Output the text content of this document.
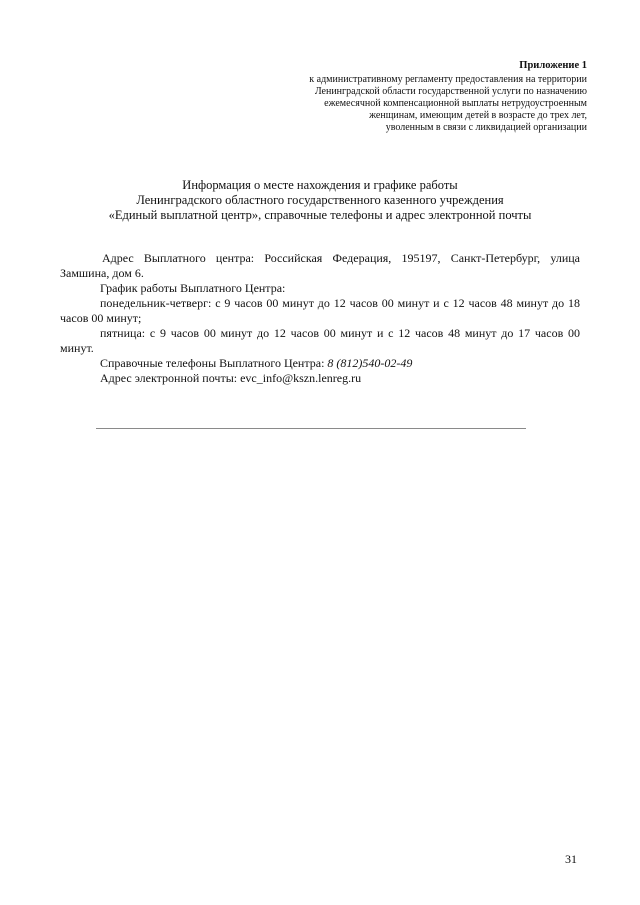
Приложение 1
к административному регламенту предоставления на территории
Ленинградской области государственной услуги по назначению
ежемесячной компенсационной выплаты нетрудоустроенным
женщинам, имеющим детей в возрасте до трех лет,
уволенным в связи с ликвидацией организации
Информация о месте нахождения и графике работы
Ленинградского областного государственного казенного учреждения
«Единый выплатной центр», справочные телефоны и адрес электронной почты

Адрес Выплатного центра: Российская Федерация, 195197, Санкт-Петербург, улица Замшина, дом 6.

График работы Выплатного Центра:

понедельник-четверг: с 9 часов 00 минут до 12 часов 00 минут и с 12 часов 48 минут до 18 часов 00 минут;

пятница: с 9 часов 00 минут до 12 часов 00 минут и с 12 часов 48 минут до 17 часов 00 минут.

Справочные телефоны Выплатного Центра: 8 (812)540-02-49

Адрес электронной почты: evc_info@kszn.lenreg.ru

31
